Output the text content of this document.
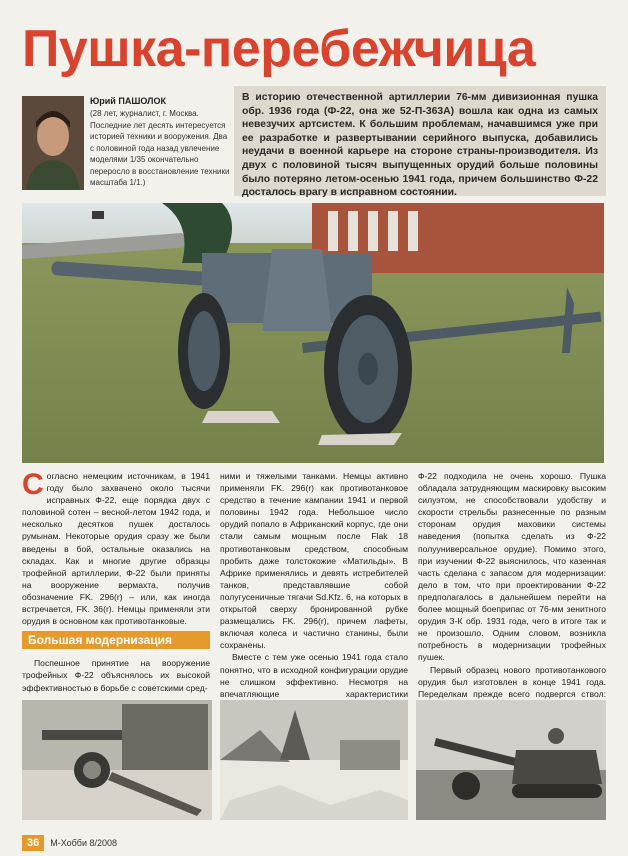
Пушка-перебежчица
Юрий ПАШОЛОК
(28 лет, журналист, г. Москва. Последние лет десять интересуется историей техники и вооружения. Два с половиной года назад увлечение моделями 1/35 окончательно переросло в восстановление техники масштаба 1/1.)
В историю отечественной артиллерии 76-мм дивизионная пушка обр. 1936 года (Ф-22, она же 52-П-363А) вошла как одна из самых невезучих артсистем. К большим проблемам, начавшимся уже при ее разработке и развертывании серийного выпуска, добавились неудачи в военной карьере на стороне страны-производителя. Из двух с половиной тысяч выпущенных орудий больше половины было потеряно летом-осенью 1941 года, причем большинство Ф-22 досталось врагу в исправном состоянии.

Согласно немецким источникам, в 1941 году было захвачено около тысячи исправных Ф-22, еще порядка двух с половиной сотен – весной-летом 1942 года, и несколько десятков пушек досталось румынам. Некоторые орудия сразу же были введены в бой, остальные оказались на складах. Как и многие другие образцы трофейной артиллерии, Ф-22 были приняты на вооружение вермахта, получив обозначение FK. 296(r) – или, как иногда встречается, FK. 36(r). Немцы применяли эти орудия в основном как противотанковые.

Большая модернизация

Поспешное принятие на вооружение трофейных Ф-22 объяснялось их высокой эффективностью в борьбе с советскими сред-

ними и тяжелыми танками. Немцы активно применяли FK. 296(r) как противотанковое средство в течение кампании 1941 и первой половины 1942 года. Небольшое число орудий попало в Африканский корпус, где они стали самым мощным после Flak 18 противотанковым средством, способным пробить даже толстокожие «Матильды». В Африке применялись и девять истребителей танков, представлявшие собой полугусеничные тягачи Sd.Kfz. 6, на которых в открытой сверху бронированной рубке размещались FK. 296(r), причем лафеты, включая колеса и частично станины, были сохранены.

Вместе с тем уже осенью 1941 года стало понятно, что в исходной конфигурации орудие не слишком эффективно. Несмотря на впечатляющие характеристики

Ф-22 подходила не очень хорошо. Пушка обладала затрудняющим маскировку высоким силуэтом, не способствовали удобству и скорости стрельбы разнесенные по разным сторонам орудия маховики системы наведения (попытка сделать из Ф-22 полууниверсальное орудие). Помимо этого, при изучении Ф-22 выяснилось, что казенная часть сделана с запасом для модернизации: дело в том, что при проектировании Ф-22 предполагалось в дальнейшем перейти на более мощный боеприпас от 76-мм зенитного орудия З-К обр. 1931 года, чего в итоге так и не произошло. Одним словом, возникла потребность в модернизации трофейных пушек.

Первый образец нового противотанкового орудия был изготовлен в конце 1941 года. Переделкам прежде всего подвергся ствол:

36	М-Хобби 8/2008
